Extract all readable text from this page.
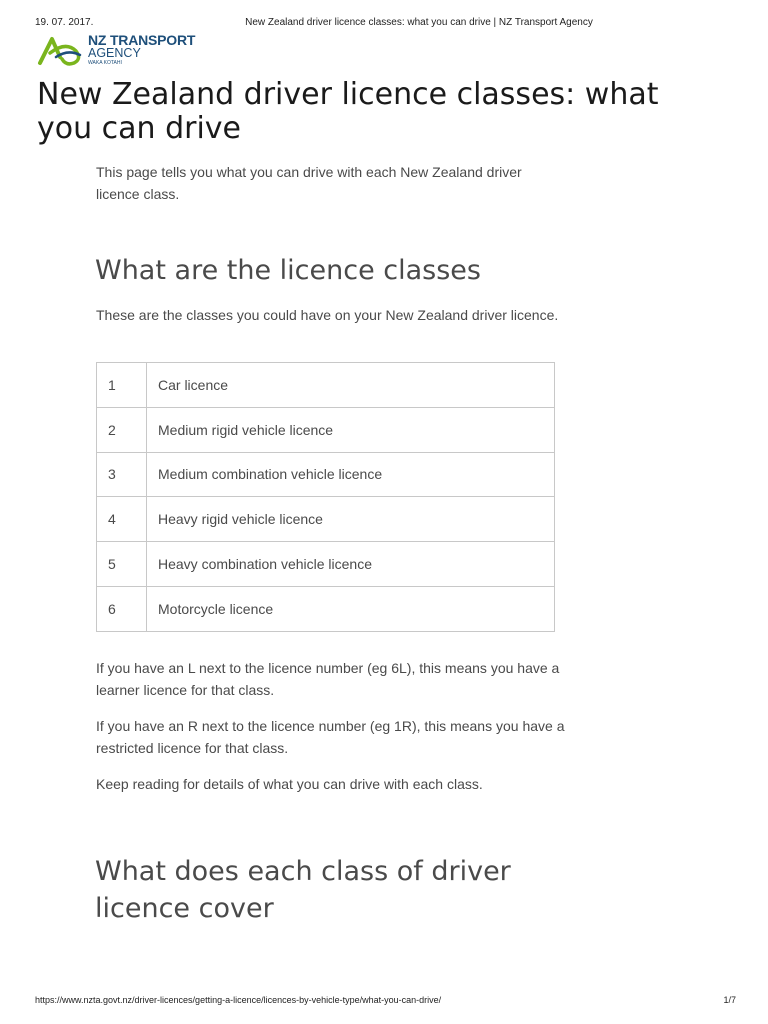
19. 07. 2017.	New Zealand driver licence classes: what you can drive | NZ Transport Agency
NZ TRANSPORT
AGENCY
WAKA KOTAHI
New Zealand driver licence classes: what you can drive

This page tells you what you can drive with each New Zealand driver licence class.

What are the licence classes

These are the classes you could have on your New Zealand driver licence.

1	Car licence
2	Medium rigid vehicle licence
3	Medium combination vehicle licence
4	Heavy rigid vehicle licence
5	Heavy combination vehicle licence
6	Motorcycle licence

If you have an L next to the licence number (eg 6L), this means you have a learner licence for that class.

If you have an R next to the licence number (eg 1R), this means you have a restricted licence for that class.

Keep reading for details of what you can drive with each class.

What does each class of driver licence cover
https://www.nzta.govt.nz/driver-licences/getting-a-licence/licences-by-vehicle-type/what-you-can-drive/	1/7
